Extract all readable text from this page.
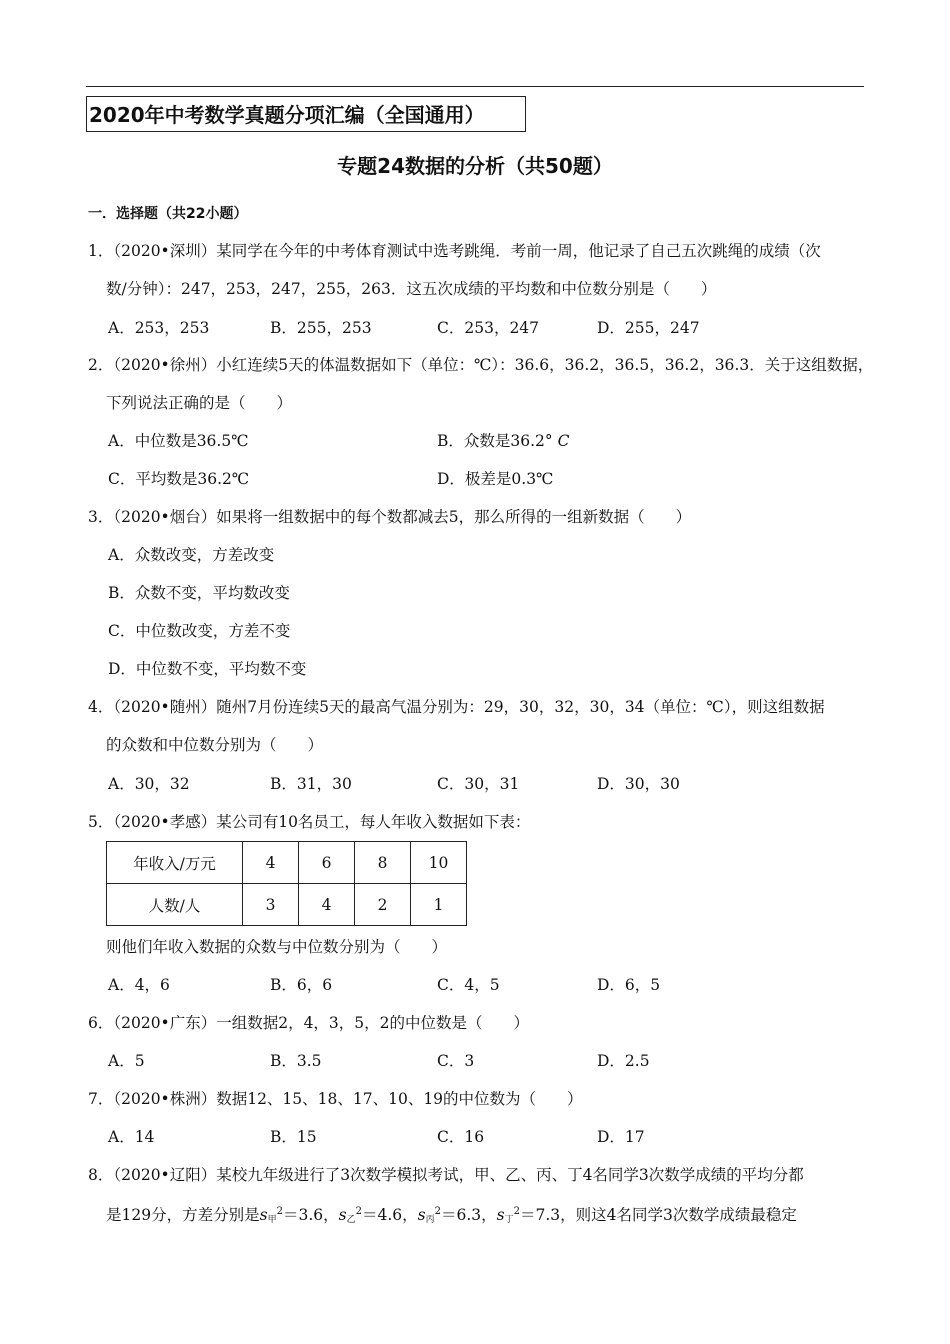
2020年中考数学真题分项汇编（全国通用）
专题24数据的分析（共50题）
一．选择题（共22小题）
1．（2020•深圳）某同学在今年的中考体育测试中选考跳绳．考前一周，他记录了自己五次跳绳的成绩（次
数/分钟）：247，253，247，255，263．这五次成绩的平均数和中位数分别是（　　）
A．253，253	B．255，253	C．253，247	D．255，247
2．（2020•徐州）小红连续5天的体温数据如下（单位：℃）：36.6，36.2，36.5，36.2，36.3．关于这组数据，
下列说法正确的是（　　）
A．中位数是36.5℃	B．众数是36.2° C
C．平均数是36.2℃	D．极差是0.3℃
3．（2020•烟台）如果将一组数据中的每个数都减去5，那么所得的一组新数据（　　）
A．众数改变，方差改变
B．众数不变，平均数改变
C．中位数改变，方差不变
D．中位数不变，平均数不变
4．（2020•随州）随州7月份连续5天的最高气温分别为：29，30，32，30，34（单位：℃），则这组数据
的众数和中位数分别为（　　）
A．30，32	B．31，30	C．30，31	D．30，30
5．（2020•孝感）某公司有10名员工，每人年收入数据如下表：
年收入/万元	4	6	8	10
人数/人	3	4	2	1
则他们年收入数据的众数与中位数分别为（　　）
A．4，6	B．6，6	C．4，5	D．6，5
6．（2020•广东）一组数据2，4，3，5，2的中位数是（　　）
A．5	B．3.5	C．3	D．2.5
7．（2020•株洲）数据12、15、18、17、10、19的中位数为（　　）
A．14	B．15	C．16	D．17
8．（2020•辽阳）某校九年级进行了3次数学模拟考试，甲、乙、丙、丁4名同学3次数学成绩的平均分都
是129分，方差分别是$s_甲^2=3.6$，$s_乙^2=4.6$，$s_丙^2=6.3$，$s_丁^2=7.3$，则这4名同学3次数学成绩最稳定
